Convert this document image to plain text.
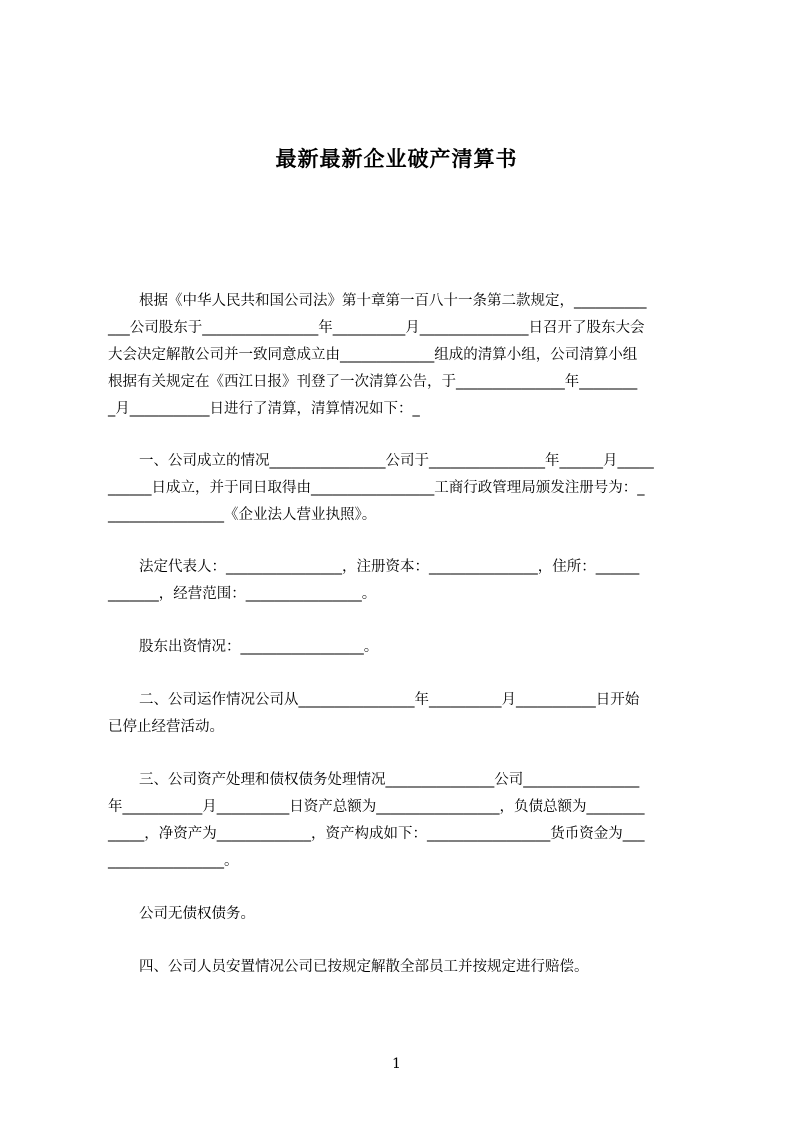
最新最新企业破产清算书
根据《中华人民共和国公司法》第十章第一百八十一条第二款规定，__________
___公司股东于________________年__________月_______________日召开了股东大会
大会决定解散公司并一致同意成立由_____________组成的清算小组，公司清算小组
根据有关规定在《西江日报》刊登了一次清算公告，于_______________年________
_月___________日进行了清算，清算情况如下：_
一、公司成立的情况________________公司于________________年______月_____
______日成立，并于同日取得由_________________工商行政管理局颁发注册号为：_
________________《企业法人营业执照》。
法定代表人：________________，注册资本：_______________，住所：______
_______，经营范围：________________。
股东出资情况：_________________。
二、公司运作情况公司从________________年__________月___________日开始
已停止经营活动。
三、公司资产处理和债权债务处理情况_______________公司________________
年___________月__________日资产总额为_________________，负债总额为________
_____，净资产为_____________，资产构成如下：_________________货币资金为___
________________。
公司无债权债务。
四、公司人员安置情况公司已按规定解散全部员工并按规定进行赔偿。
1
